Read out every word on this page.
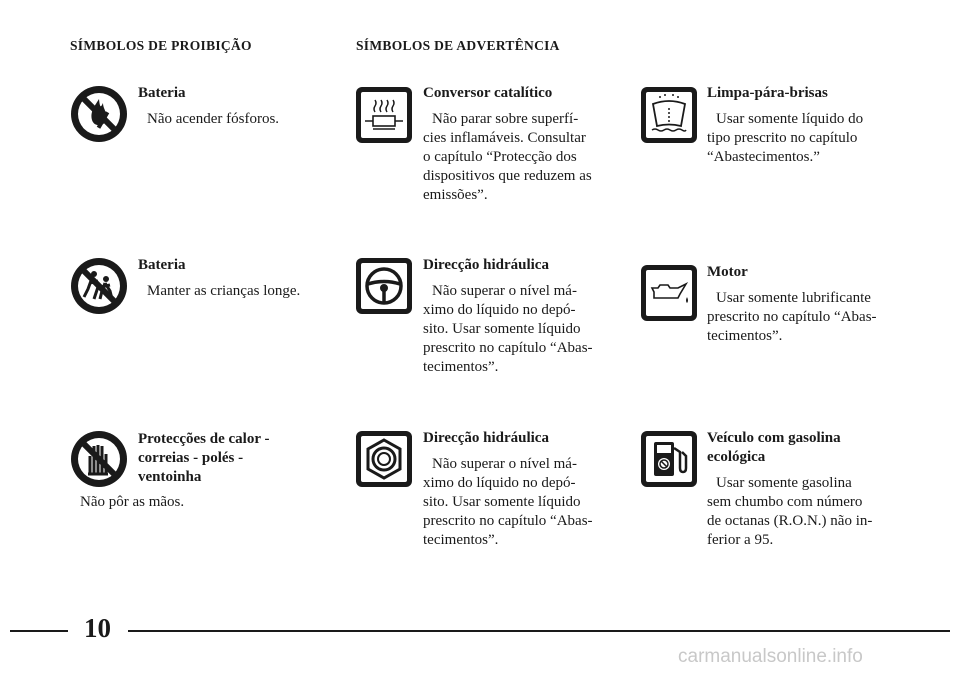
SÍMBOLOS DE PROIBIÇÃO	SÍMBOLOS DE ADVERTÊNCIA
Bateria
Não acender fósforos.
Bateria
Manter as crianças longe.
Protecções de calor -
correias - polés -
ventoinha
Não pôr as mãos.
Conversor catalítico
Não parar sobre superfí-
cies inflamáveis. Consultar
o capítulo “Protecção dos
dispositivos que reduzem as
emissões”.
Direcção hidráulica
Não superar o nível má-
ximo do líquido no depó-
sito. Usar somente líquido
prescrito no capítulo “Abas-
tecimentos”.
Direcção hidráulica
Não superar o nível má-
ximo do líquido no depó-
sito. Usar somente líquido
prescrito no capítulo “Abas-
tecimentos”.
Limpa-pára-brisas
Usar somente líquido do
tipo prescrito no capítulo
“Abastecimentos.”
Motor
Usar somente lubrificante
prescrito no capítulo “Abas-
tecimentos”.
Veículo com gasolina
ecológica
Usar somente gasolina
sem chumbo com número
de octanas (R.O.N.) não in-
ferior a 95.
10
carmanualsonline.info
